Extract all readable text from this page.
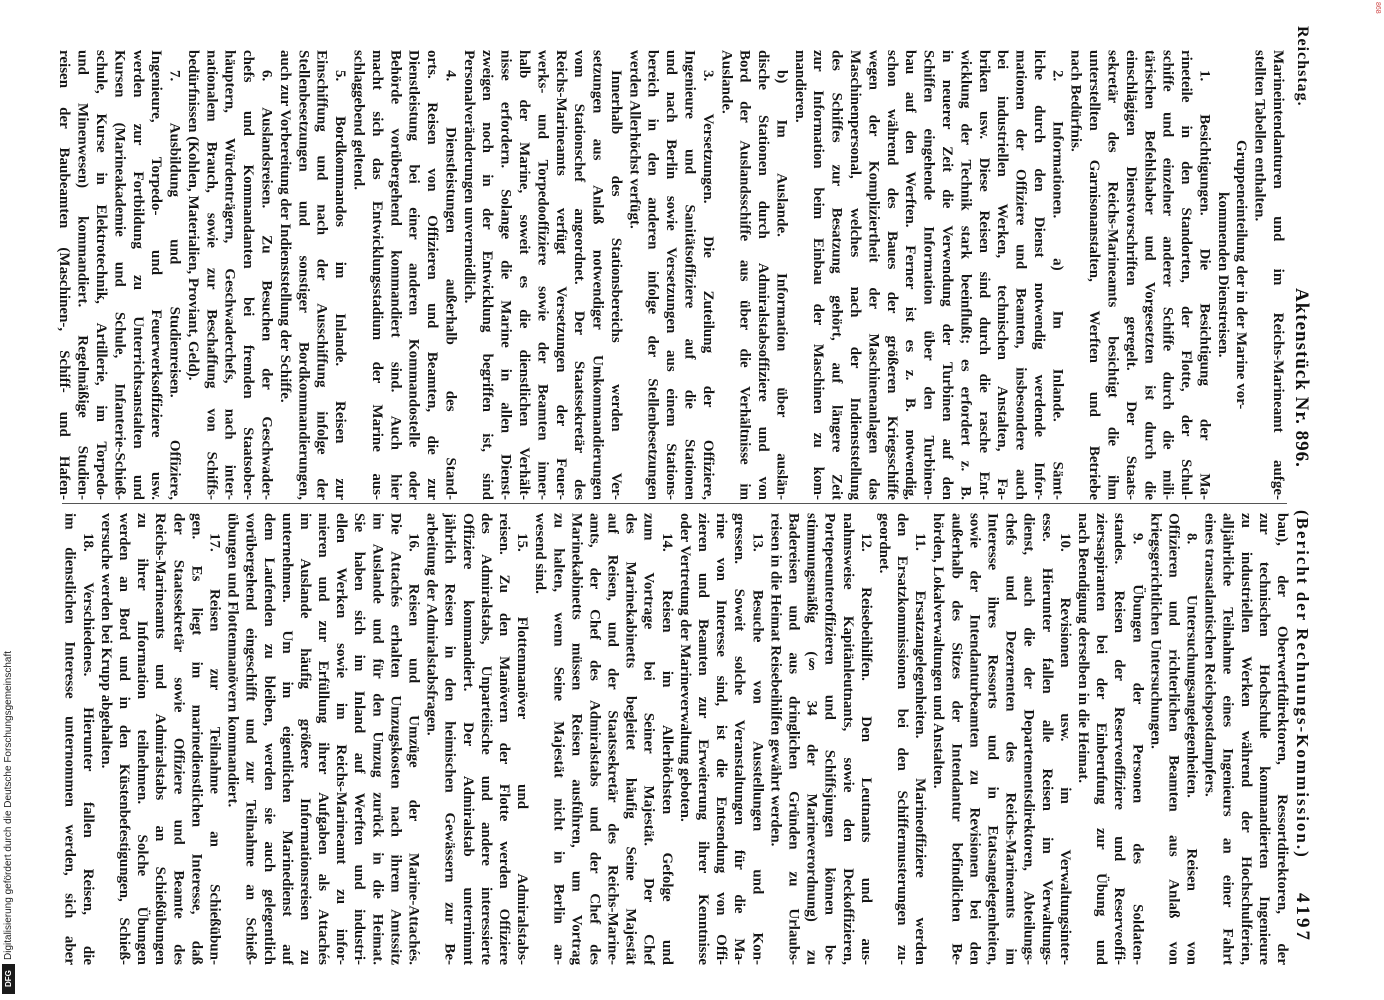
868
Reichstag.
Aktenstück Nr. 896.
(Bericht der Rechnungs-Kommission.)
4197
Marineintendanturen und im Reichs-Marineamt aufge-
stellten Tabellen enthalten.
Gruppeneinteilung der in der Marine vor-
kommenden Dienstreisen.
1. Besichtigungen. Die Besichtigung der Ma-
rineteile in den Standorten, der Flotte, der Schul-
schiffe und einzelner anderer Schiffe durch die mili-
tärischen Befehlshaber und Vorgesetzten ist durch die
einschlägigen Dienstvorschriften geregelt. Der Staats-
sekretär des Reichs-Marineamts besichtigt die ihm
unterstellten Garnisonanstalten, Werften und Betriebe
nach Bedürfnis.
2. Informationen. a) Im Inlande. Sämt-
liche durch den Dienst notwendig werdende Infor-
mationen der Offiziere und Beamten, insbesondere auch
bei industriellen Werken, technischen Anstalten, Fa-
briken usw. Diese Reisen sind durch die rasche Ent-
wicklung der Technik stark beeinflußt; es erfordert z. B.
in neuerer Zeit die Verwendung der Turbinen auf den
Schiffen eingehende Information über den Turbinen-
bau auf den Werften. Ferner ist es z. B. notwendig,
schon während des Baues der größeren Kriegsschiffe
wegen der Kompliziertheit der Maschinenanlagen das
Maschinenpersonal, welches nach der Indienststellung
des Schiffes zur Besatzung gehört, auf längere Zeit
zur Information beim Einbau der Maschinen zu kom-
mandieren.
b) Im Auslande. Information über auslän-
dische Stationen durch Admiralstabsoffiziere und von
Bord der Auslandsschiffe aus über die Verhältnisse im
Auslande.
3. Versetzungen. Die Zuteilung der Offiziere,
Ingenieure und Sanitätsoffiziere auf die Stationen
und nach Berlin sowie Versetzungen aus einem Stations-
bereich in den anderen infolge der Stellenbesetzungen
werden Allerhöchst verfügt.
Innerhalb des Stationsbereichs werden Ver-
setzungen aus Anlaß notwendiger Umkommandierungen
vom Stationschef angeordnet. Der Staatssekretär des
Reichs-Marineamts verfügt Versetzungen der Feuer-
werks- und Torpedooffiziere sowie der Beamten inner-
halb der Marine, soweit es die dienstlichen Verhält-
nisse erfordern. Solange die Marine in allen Dienst-
zweigen noch in der Entwicklung begriffen ist, sind
Personalveränderungen unvermeidlich.
4. Dienstleistungen außerhalb des Stand-
orts. Reisen von Offizieren und Beamten, die zur
Dienstleistung bei einer anderen Kommandostelle oder
Behörde vorübergehend kommandiert sind. Auch hier
macht sich das Entwicklungsstadium der Marine aus-
schlaggebend geltend.
5. Bordkommandos im Inlande. Reisen zur
Einschiffung und nach der Ausschiffung infolge der
Stellenbesetzungen und sonstiger Bordkommandierungen,
auch zur Vorbereitung der Indienststellung der Schiffe.
6. Auslandsreisen. Zu Besuchen der Geschwader-
chefs und Kommandanten bei fremden Staatsober-
häuptern, Würdenträgern, Geschwaderchefs, nach inter-
nationalem Brauch, sowie zur Beschaffung von Schiffs-
bedürfnissen (Kohlen, Materialien, Proviant, Geld).
7. Ausbildung und Studienreisen. Offiziere,
Ingenieure, Torpedo- und Feuerwerksoffiziere usw.
werden zur Fortbildung zu Unterrichtsanstalten und
Kursen (Marineakademie und Schule, Infanterie-Schieß-
schule, Kurse in Elektrotechnik, Artillerie, im Torpedo-
und Minenwesen) kommandiert. Regelmäßige Studien-
reisen der Baubeamten (Maschinen-, Schiff- und Hafen-
bau), der Oberwerftdirektoren, Ressortdirektoren, der
zur technischen Hochschule kommandierten Ingenieure
zu industriellen Werken während der Hochschulferien,
alljährliche Teilnahme eines Ingenieurs an einer Fahrt
eines transatlantischen Reichspostdampfers.
8. Untersuchungsangelegenheiten. Reisen von
Offizieren und richterlichen Beamten aus Anlaß von
kriegsgerichtlichen Untersuchungen.
9. Übungen der Personen des Soldaten-
standes. Reisen der Reserveoffiziere und Reserveoffi-
ziersaspiranten bei der Einberufung zur Übung und
nach Beendigung derselben in die Heimat.
10. Revisionen usw. im Verwaltungsinter-
esse. Hierunter fallen alle Reisen im Verwaltungs-
dienst, auch die der Departementsdirektoren, Abteilungs-
chefs und Dezernenten des Reichs-Marineamts im
Interesse ihres Ressorts und in Etatsangelegenheiten,
sowie der Intendanturbeamten zu Revisionen bei den
außerhalb des Sitzes der Intendantur befindlichen Be-
hörden, Lokalverwaltungen und Anstalten.
11. Ersatzangelegenheiten. Marineoffiziere werden
den Ersatzkommissionen bei den Schiffermusterungen zu-
geordnet.
12. Reisebeihilfen. Den Leutnants und aus-
nahmsweise Kapitänleutnants, sowie den Deckoffizieren,
Portepeeunteroffizieren und Schiffsjungen können be-
stimmungsmäßig (§ 34 der Marineverordnung) zu
Badereisen und aus dringlichen Gründen zu Urlaubs-
reisen in die Heimat Reisebeihilfen gewährt werden.
13. Besuche von Ausstellungen und Kon-
gressen. Soweit solche Veranstaltungen für die Ma-
rine von Interesse sind, ist die Entsendung von Offi-
zieren und Beamten zur Erweiterung ihrer Kenntnisse
oder Vertretung der Marineverwaltung geboten.
14. Reisen im Allerhöchsten Gefolge und
zum Vortrage bei Seiner Majestät. Der Chef
des Marinekabinetts begleitet häufig Seine Majestät
auf Reisen, und der Staatssekretär des Reichs-Marine-
amts, der Chef des Admiralstabs und der Chef des
Marinekabinetts müssen Reisen ausführen, um Vortrag
zu halten, wenn Seine Majestät nicht in Berlin an-
wesend sind.
15. Flottenmanöver und Admiralstabs-
reisen. Zu den Manövern der Flotte werden Offiziere
des Admiralstabs, Unparteiische und andere interessierte
Offiziere kommandiert. Der Admiralstab unternimmt
jährlich Reisen in den heimischen Gewässern zur Be-
arbeitung der Admiralstabsfragen.
16. Reisen und Umzüge der Marine-Attachés.
Die Attachés erhalten Umzugskosten nach ihrem Amtssitz
im Auslande und für den Umzug zurück in die Heimat.
Sie haben sich im Inland auf Werften und industri-
ellen Werken sowie im Reichs-Marineamt zu infor-
mieren und zur Erfüllung ihrer Aufgaben als Attachés
im Auslande häufig größere Informationsreisen zu
unternehmen. Um im eigentlichen Marinedienst auf
dem Laufenden zu bleiben, werden sie auch gelegentlich
vorübergehend eingeschifft und zur Teilnahme an Schieß-
übungen und Flottenmanövern kommandiert.
17. Reisen zur Teilnahme an Schießübun-
gen. Es liegt im marinedienstlichen Interesse, daß
der Staatssekretär sowie Offiziere und Beamte des
Reichs-Marineamts und Admiralstabs an Schießübungen
zu ihrer Information teilnehmen. Solche Übungen
werden an Bord und in den Küstenbefestigungen, Schieß-
versuche werden bei Krupp abgehalten.
18. Verschiedenes. Hierunter fallen Reisen, die
im dienstlichen Interesse unternommen werden, sich aber
Digitalisierung gefördert durch die Deutsche Forschungsgemeinschaft
DFG
